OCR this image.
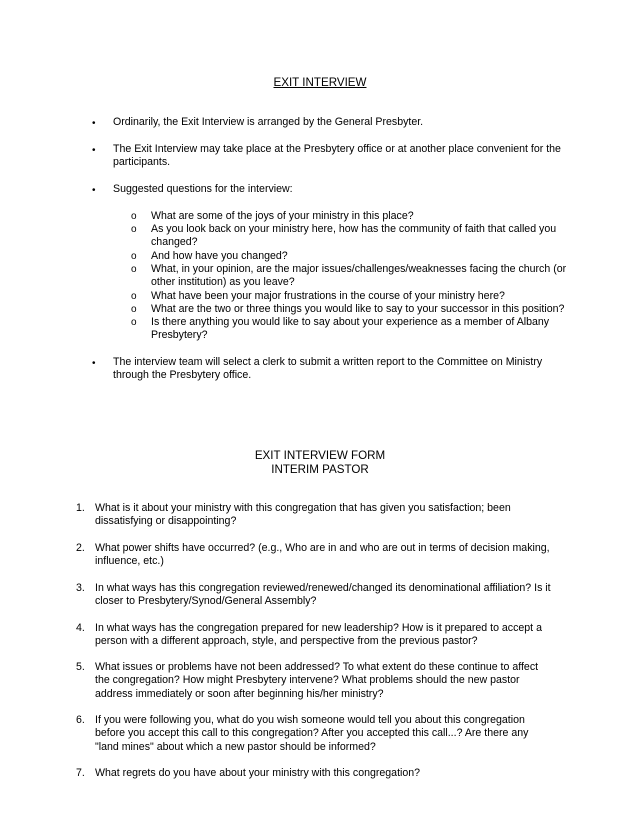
EXIT INTERVIEW
• Ordinarily, the Exit Interview is arranged by the General Presbyter.
• The Exit Interview may take place at the Presbytery office or at another place convenient for the participants.
• Suggested questions for the interview:
o What are some of the joys of your ministry in this place?
o As you look back on your ministry here, how has the community of faith that called you changed?
o And how have you changed?
o What, in your opinion, are the major issues/challenges/weaknesses facing the church (or other institution) as you leave?
o What have been your major frustrations in the course of your ministry here?
o What are the two or three things you would like to say to your successor in this position?
o Is there anything you would like to say about your experience as a member of Albany Presbytery?
• The interview team will select a clerk to submit a written report to the Committee on Ministry through the Presbytery office.
EXIT INTERVIEW FORM
INTERIM PASTOR
1. What is it about your ministry with this congregation that has given you satisfaction; been dissatisfying or disappointing?
2. What power shifts have occurred? (e.g., Who are in and who are out in terms of decision making, influence, etc.)
3. In what ways has this congregation reviewed/renewed/changed its denominational affiliation? Is it closer to Presbytery/Synod/General Assembly?
4. In what ways has the congregation prepared for new leadership? How is it prepared to accept a person with a different approach, style, and perspective from the previous pastor?
5. What issues or problems have not been addressed? To what extent do these continue to affect the congregation? How might Presbytery intervene? What problems should the new pastor address immediately or soon after beginning his/her ministry?
6. If you were following you, what do you wish someone would tell you about this congregation before you accept this call to this congregation? After you accepted this call...? Are there any "land mines" about which a new pastor should be informed?
7. What regrets do you have about your ministry with this congregation?
